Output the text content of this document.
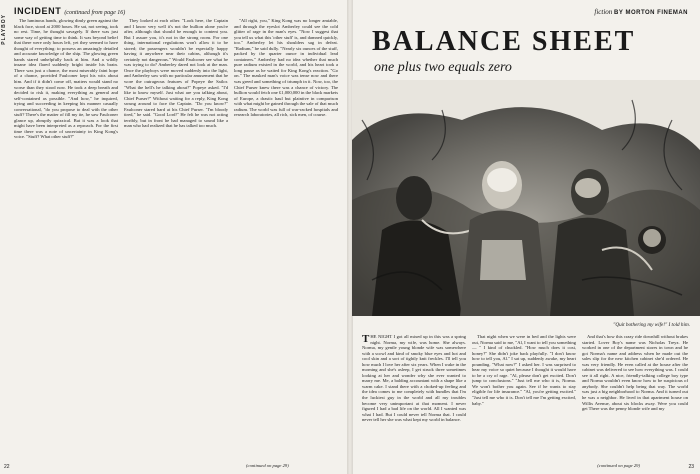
PLAYBOY
INCIDENT (continued from page 16)

The luminous hands, glowing dimly green against the black face, stood at 2000 hours. He sat, not seeing, took no rest. Time, he thought savagely. If there was just some way of getting time to think. It was beyond belief that there were only hours left, yet they seemed to have thought of everything: to possess an amazingly detailed and accurate knowledge of the ship. The glowing green hands stared unhelpfully back at him. And a wildly insane idea flared suddenly bright inside his brain. There was just a chance, the most miserably faint hope of a chance, provided Faulconer kept his wits about him. And if it didn't come off, matters would stand no worse than they stood now. He took a deep breath and decided to risk it, making everything as general and self-contained as possible. "And how," he inquired, trying and succeeding in keeping his manner casually conversational, "do you propose to deal with the other stuff? There's the matter of fill my ite, he saw Faulconer glance up, abruptly quizzical. But it was a look that might have been interpreted as a reproach. For the first time there was a note of uncertainty in King Kong's voice. "Stuff? What other stuff?"

They looked at each other. "Look here, the Captain and I know very well it's not the bullion alone you're after, although that should be enough to content you. But I assure you, it's not in the strong room. For one thing, international regulations won't allow it to be stored; the passengers wouldn't be especially happy having it anywhere near their cabins, although it's certainly not dangerous." Would Faulconer see what he was trying to do? Amberley dared not look at the man. Once the playboys were moved suddenly into the light, and Amberley saw with no particular amusement that he wore the outrageous features of Popeye the Sailor. "What the hell's he talking about?" Popeye asked. "I'd like to know myself. Just what are you talking about, Chief Purser?" Without waiting for a reply, King Kong swung around to face the Captain. "Do you know?" Faulconer stared hard at his Chief Purser. "I'm bloody tired," he said. "Good Lord!" He felt he was not acting terribly, but in front he had managed to sound like a man who had realized that he has talked too much.

"All right, you," King Kong was no longer amiable, and through the eyeslot Amberley could see the cold glitter of rage in the man's eyes. "Now I suggest that you tell us what this 'other stuff' is, and damned quickly, too." Amberley let his shoulders sag in defeat. "Radium," he said dully. "Nearly six ounces of the stuff, packed by the quarter ounce in individual lead containers." Amberley had no idea whether that much pure radium existed in the world, and his heart took a long pause as he waited for King Kong's reaction. "Go on." The masked man's voice was tense now and there was greed and something of triumph in it. Now, too, the Chief Purser knew there was a chance of victory. The bullion would fetch one £1,000,000 in the black markets of Europe, a drastic haul but plaintive in comparison with what might be gained through the sale of that much radium. The world was full of war-racked hospitals and research laboratories, all rich, sick men, of course.

22	(continued on page 29)
fiction BY MORTON FINEMAN
BALANCE SHEET
one plus two equals zero
"Quit bothering my wife!" I told him.

THE NIGHT I got all mixed up in this was a spring night. Norma, my wife, was home. She always. Norma, my gentle young blonde wife was somewhere with a scowl and kind of smoky blue eyes and hot and cool skin and a sort of tightly knit freckles. I'll tell you how much I love her after six years. When I wake in the morning and she's asleep, I get struck three sometimes looking at her and wonder why she ever wanted to marry me. Me, a balding accountant with a shape like a warm cake. I stand there with a choked-up feeling and the idea comes to me completely with bundles that I'm the luckiest guy in the world and all my troubles become very unimportant at that moment. I never figured I had a bad life on the world. All I wanted was what I had. But I could never tell Norma that. I could never tell her she was what kept my world in balance.

That night when we were in bed and the lights were out, Norma said to me, "Al, I want to tell you something — " I kind of chuckled. "How much does it cost, honey?" She didn't joke back playfully. "I don't know how to tell you, Al." I sat up, suddenly awake, my heart pounding. "What now?" I asked her. I was surprised to hear my voice so quiet because I thought it would have to be a cry of rage. "Al, please don't get excited. Don't jump to conclusions." "Just tell me who it is, Norma. We won't bother you again. See if he wants to stay eligible for life insurance." "Al, you're getting excited." "Just tell me who it is. Don't tell me I'm getting excited, baby."

And that's how this crazy ride downhill without brakes started. Lover Boy's name was Nicholas Treyz. He worked in one of the department stores in town and he got Norma's name and address when he made out the sales slip for the new kitchen cabinet she'd ordered. He was very friendly. He even called at the house after the cabinet was delivered to see how everything was. I could see it all right. A nice, friendly-talking college boy type and Norma wouldn't even know how to be suspicious of anybody. She couldn't help being that way. The world was just a big neighborhood to Norma. And it turned out he was a neighbor. He lived in that apartment house on Willis Avenue, about six blocks away. Were you could get There was the penny blonde wife and my

23
(continued on page 29)
